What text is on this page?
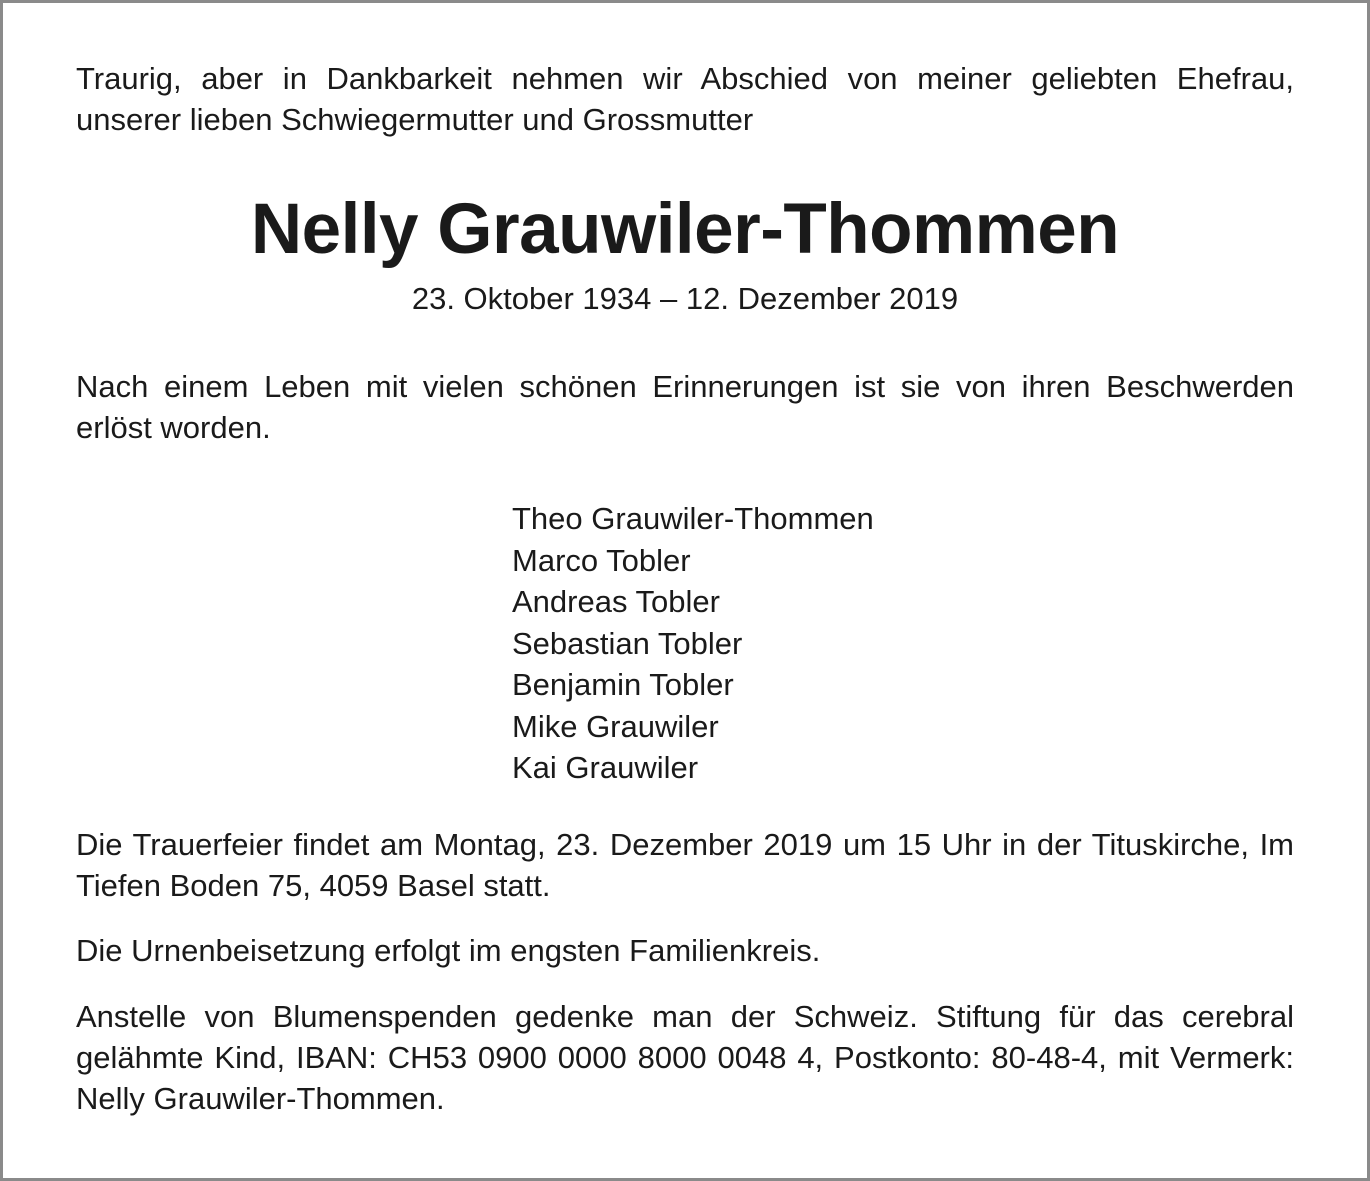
Traurig, aber in Dankbarkeit nehmen wir Abschied von meiner geliebten Ehefrau, unserer lieben Schwiegermutter und Grossmutter

Nelly Grauwiler-Thommen

23. Oktober 1934 – 12. Dezember 2019

Nach einem Leben mit vielen schönen Erinnerungen ist sie von ihren Beschwerden erlöst worden.

Theo Grauwiler-Thommen
Marco Tobler
Andreas Tobler
Sebastian Tobler
Benjamin Tobler
Mike Grauwiler
Kai Grauwiler

Die Trauerfeier findet am Montag, 23. Dezember 2019 um 15 Uhr in der Tituskirche, Im Tiefen Boden 75, 4059 Basel statt.

Die Urnenbeisetzung erfolgt im engsten Familienkreis.

Anstelle von Blumenspenden gedenke man der Schweiz. Stiftung für das cerebral gelähmte Kind, IBAN: CH53 0900 0000 8000 0048 4, Postkonto: 80-48-4, mit Vermerk: Nelly Grauwiler-Thommen.
